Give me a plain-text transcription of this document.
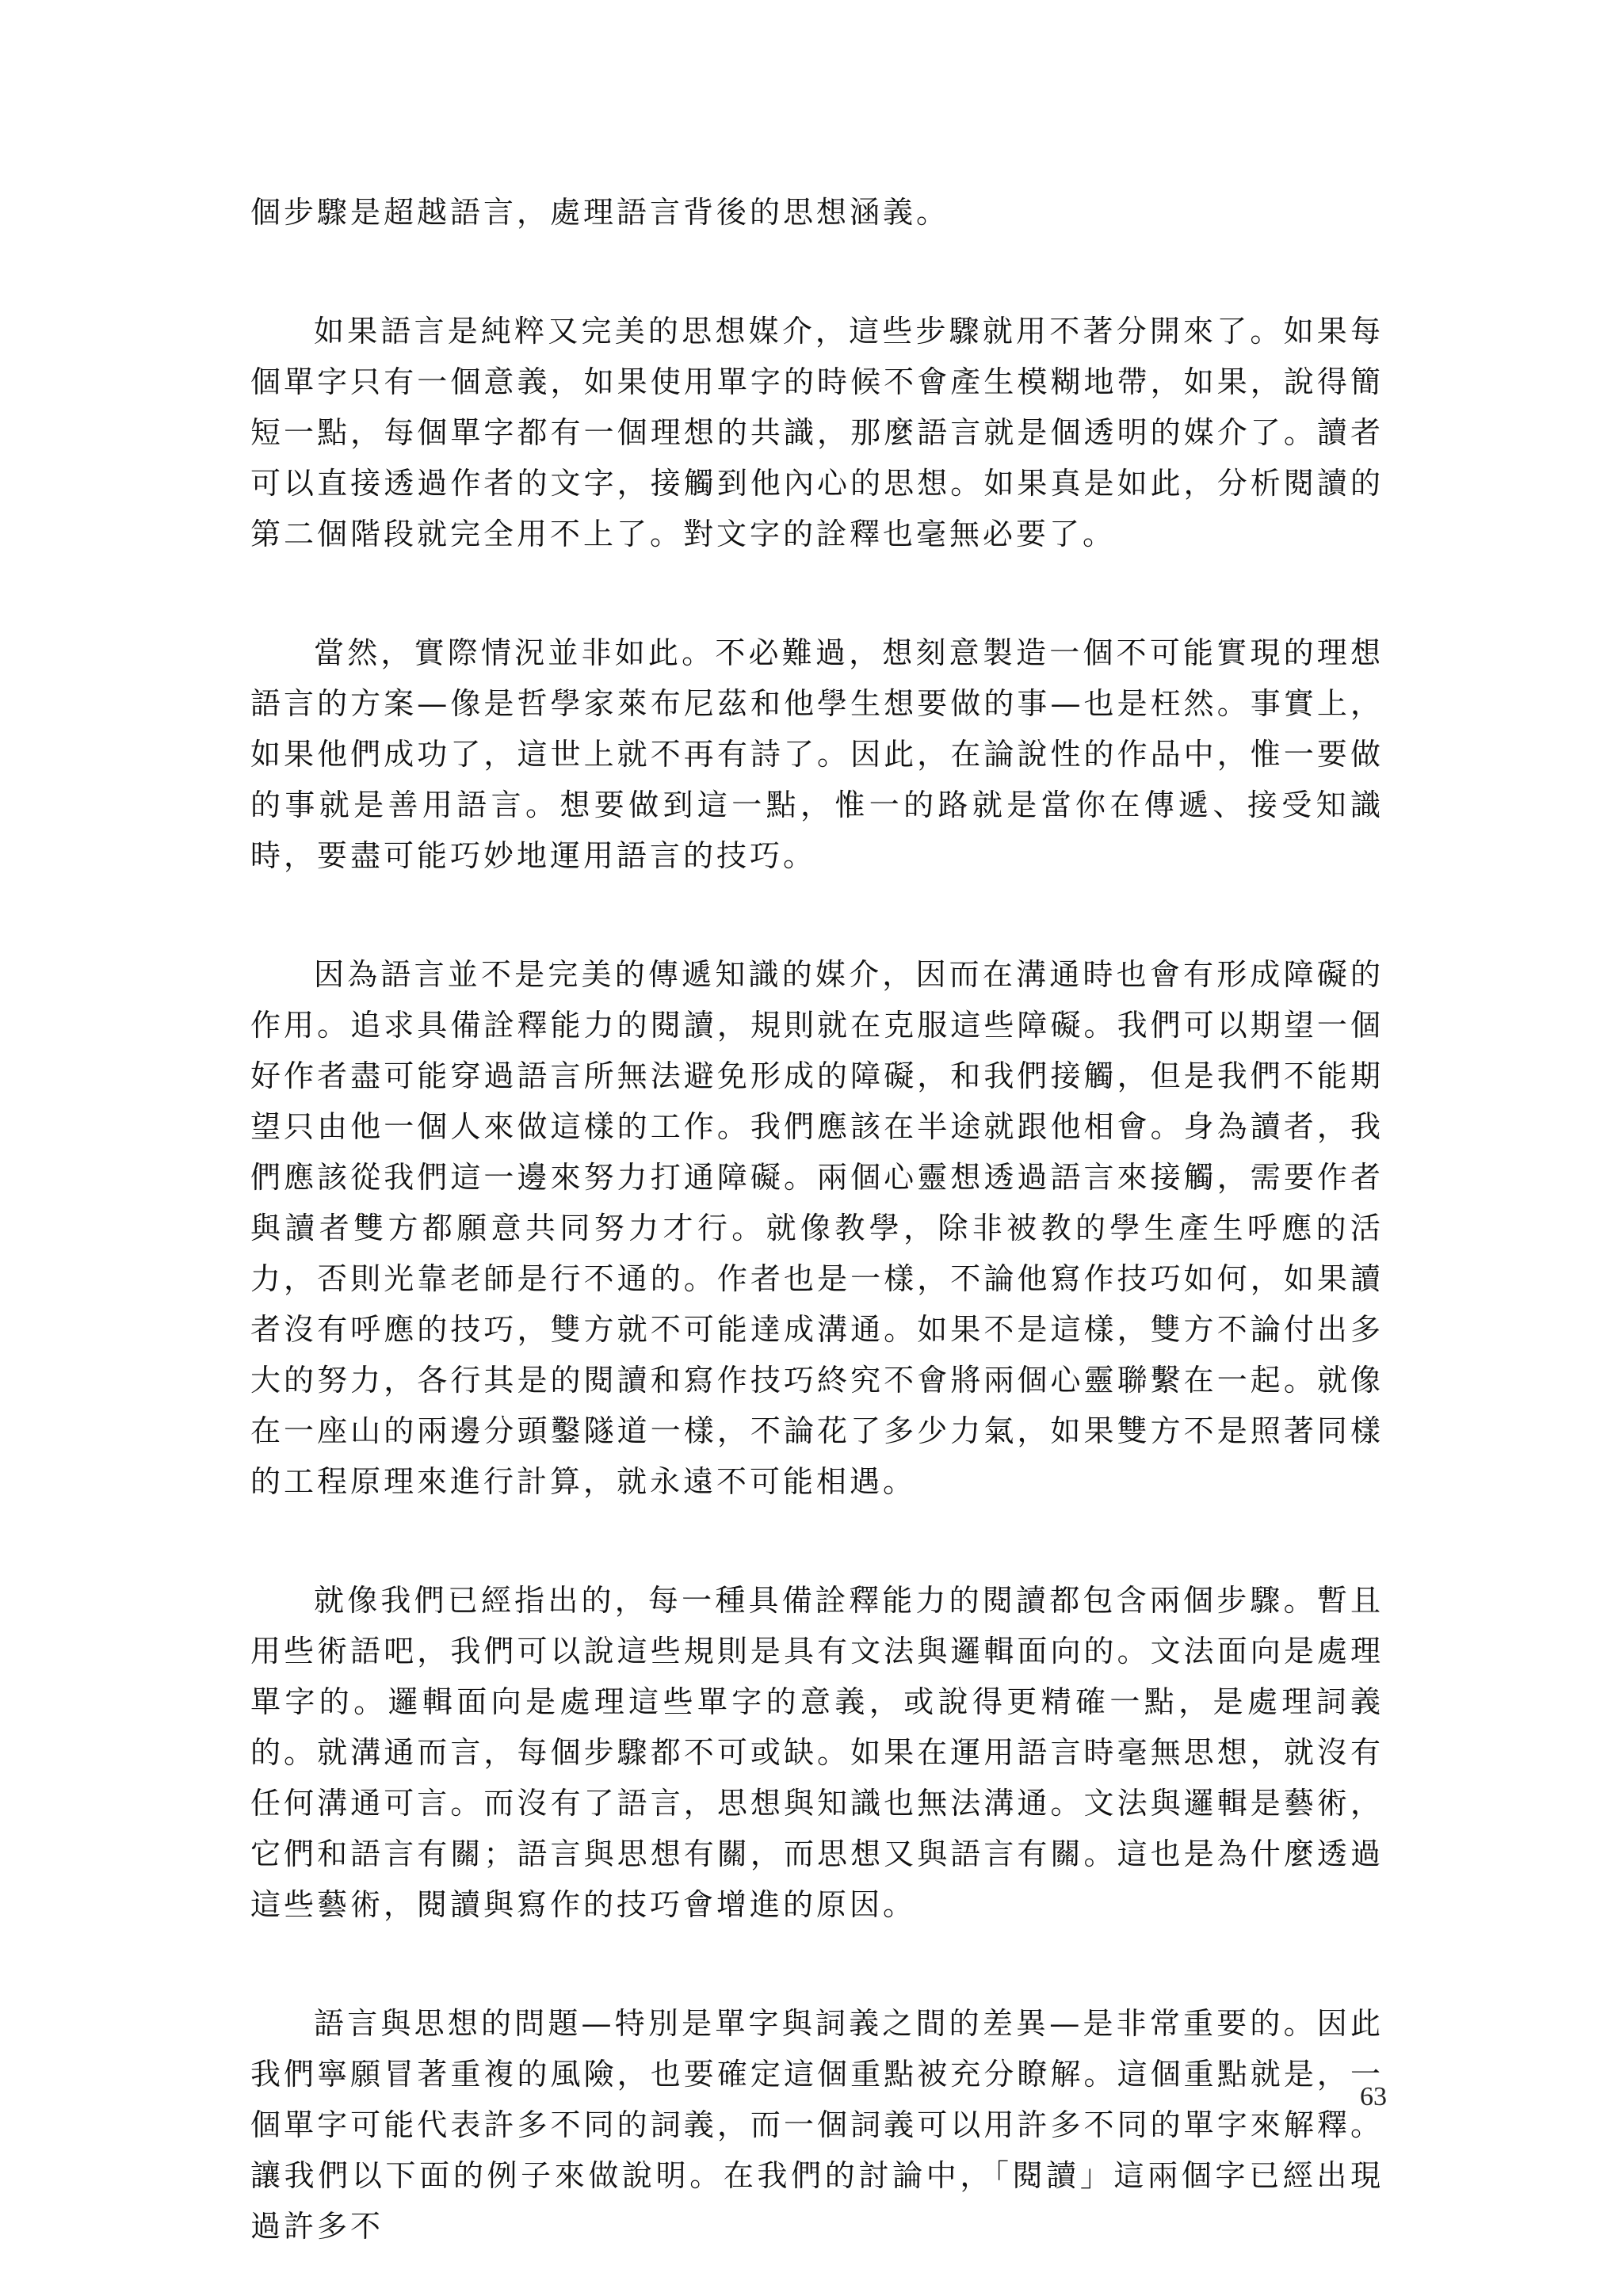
個步驟是超越語言，處理語言背後的思想涵義。

如果語言是純粹又完美的思想媒介，這些步驟就用不著分開來了。如果每個單字只有一個意義，如果使用單字的時候不會產生模糊地帶，如果，說得簡短一點，每個單字都有一個理想的共識，那麼語言就是個透明的媒介了。讀者可以直接透過作者的文字，接觸到他內心的思想。如果真是如此，分析閱讀的第二個階段就完全用不上了。對文字的詮釋也毫無必要了。

當然，實際情況並非如此。不必難過，想刻意製造一個不可能實現的理想語言的方案—像是哲學家萊布尼茲和他學生想要做的事—也是枉然。事實上，如果他們成功了，這世上就不再有詩了。因此，在論說性的作品中，惟一要做的事就是善用語言。想要做到這一點，惟一的路就是當你在傳遞、接受知識時，要盡可能巧妙地運用語言的技巧。

因為語言並不是完美的傳遞知識的媒介，因而在溝通時也會有形成障礙的作用。追求具備詮釋能力的閱讀，規則就在克服這些障礙。我們可以期望一個好作者盡可能穿過語言所無法避免形成的障礙，和我們接觸，但是我們不能期望只由他一個人來做這樣的工作。我們應該在半途就跟他相會。身為讀者，我們應該從我們這一邊來努力打通障礙。兩個心靈想透過語言來接觸，需要作者與讀者雙方都願意共同努力才行。就像教學，除非被教的學生產生呼應的活力，否則光靠老師是行不通的。作者也是一樣，不論他寫作技巧如何，如果讀者沒有呼應的技巧，雙方就不可能達成溝通。如果不是這樣，雙方不論付出多大的努力，各行其是的閱讀和寫作技巧終究不會將兩個心靈聯繫在一起。就像在一座山的兩邊分頭鑿隧道一樣，不論花了多少力氣，如果雙方不是照著同樣的工程原理來進行計算，就永遠不可能相遇。

就像我們已經指出的，每一種具備詮釋能力的閱讀都包含兩個步驟。暫且用些術語吧，我們可以說這些規則是具有文法與邏輯面向的。文法面向是處理單字的。邏輯面向是處理這些單字的意義，或說得更精確一點，是處理詞義的。就溝通而言，每個步驟都不可或缺。如果在運用語言時毫無思想，就沒有任何溝通可言。而沒有了語言，思想與知識也無法溝通。文法與邏輯是藝術，它們和語言有關；語言與思想有關，而思想又與語言有關。這也是為什麼透過這些藝術，閱讀與寫作的技巧會增進的原因。

語言與思想的問題—特別是單字與詞義之間的差異—是非常重要的。因此我們寧願冒著重複的風險，也要確定這個重點被充分瞭解。這個重點就是，一個單字可能代表許多不同的詞義，而一個詞義可以用許多不同的單字來解釋。讓我們以下面的例子來做說明。在我們的討論中，「閱讀」這兩個字已經出現過許多不

63
